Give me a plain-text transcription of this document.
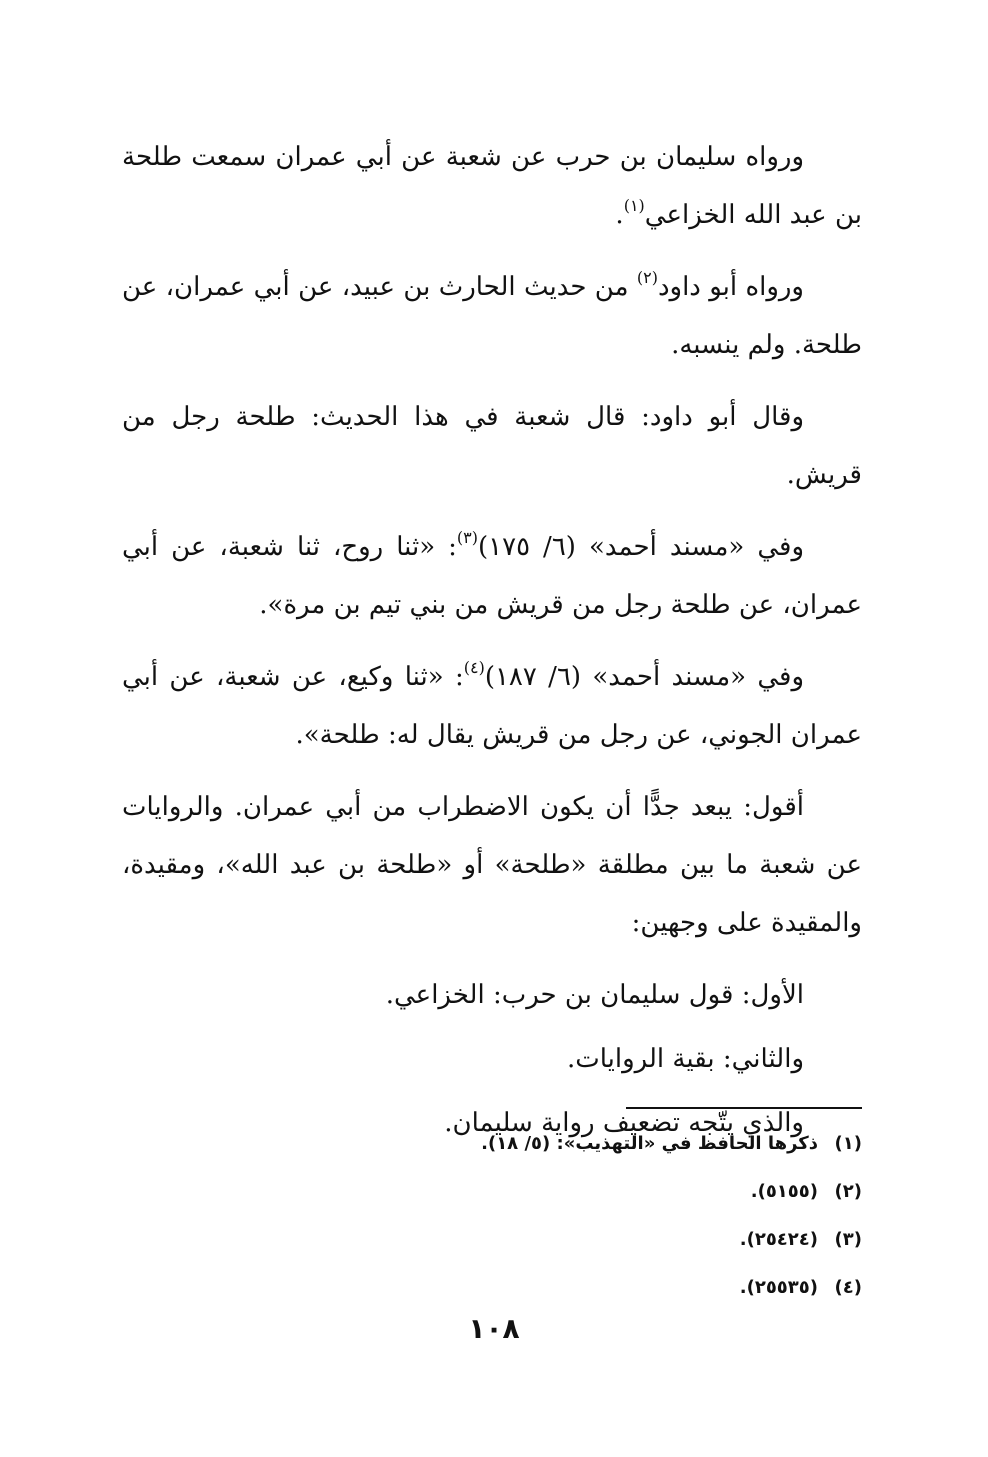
ورواه سليمان بن حرب عن شعبة عن أبي عمران سمعت طلحة بن عبد الله الخزاعي$^{(١)}$.

ورواه أبو داود$^{(٢)}$ من حديث الحارث بن عبيد، عن أبي عمران، عن طلحة. ولم ينسبه.

وقال أبو داود: قال شعبة في هذا الحديث: طلحة رجل من قريش.

وفي «مسند أحمد» (٦/ ١٧٥)$^{(٣)}$: «ثنا روح، ثنا شعبة، عن أبي عمران، عن طلحة رجل من قريش من بني تيم بن مرة».

وفي «مسند أحمد» (٦/ ١٨٧)$^{(٤)}$: «ثنا وكيع، عن شعبة، عن أبي عمران الجوني، عن رجل من قريش يقال له: طلحة».

أقول: يبعد جدًّا أن يكون الاضطراب من أبي عمران. والروايات عن شعبة ما بين مطلقة «طلحة» أو «طلحة بن عبد الله»، ومقيدة، والمقيدة على وجهين:

الأول: قول سليمان بن حرب: الخزاعي.
والثاني: بقية الروايات.
والذي يتّجه تضعيف رواية سليمان.
(١)ذكرها الحافظ في «التهذيب»: (٥/ ١٨).
(٢)(٥١٥٥).
(٣)(٢٥٤٢٤).
(٤)(٢٥٥٣٥).
١٠٨
